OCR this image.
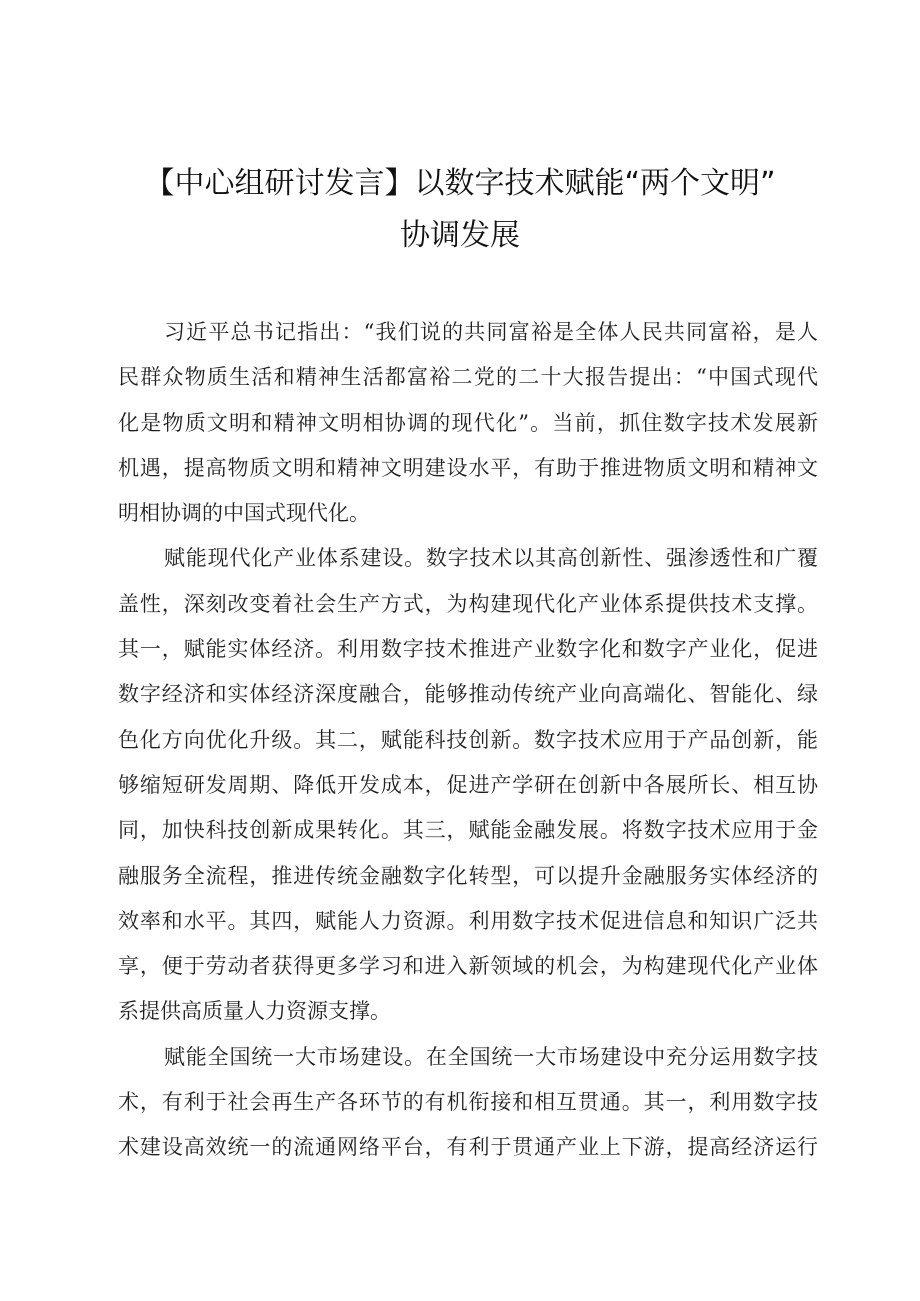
【中心组研讨发言】以数字技术赋能“两个文明”
协调发展
习近平总书记指出：“我们说的共同富裕是全体人民共同富裕，是人
民群众物质生活和精神生活都富裕二党的二十大报告提出：“中国式现代
化是物质文明和精神文明相协调的现代化”。当前，抓住数字技术发展新
机遇，提高物质文明和精神文明建设水平，有助于推进物质文明和精神文
明相协调的中国式现代化。
赋能现代化产业体系建设。数字技术以其高创新性、强渗透性和广覆
盖性，深刻改变着社会生产方式，为构建现代化产业体系提供技术支撑。
其一，赋能实体经济。利用数字技术推进产业数字化和数字产业化，促进
数字经济和实体经济深度融合，能够推动传统产业向高端化、智能化、绿
色化方向优化升级。其二，赋能科技创新。数字技术应用于产品创新，能
够缩短研发周期、降低开发成本，促进产学研在创新中各展所长、相互协
同，加快科技创新成果转化。其三，赋能金融发展。将数字技术应用于金
融服务全流程，推进传统金融数字化转型，可以提升金融服务实体经济的
效率和水平。其四，赋能人力资源。利用数字技术促进信息和知识广泛共
享，便于劳动者获得更多学习和进入新领域的机会，为构建现代化产业体
系提供高质量人力资源支撑。
赋能全国统一大市场建设。在全国统一大市场建设中充分运用数字技
术，有利于社会再生产各环节的有机衔接和相互贯通。其一，利用数字技
术建设高效统一的流通网络平台，有利于贯通产业上下游，提高经济运行
